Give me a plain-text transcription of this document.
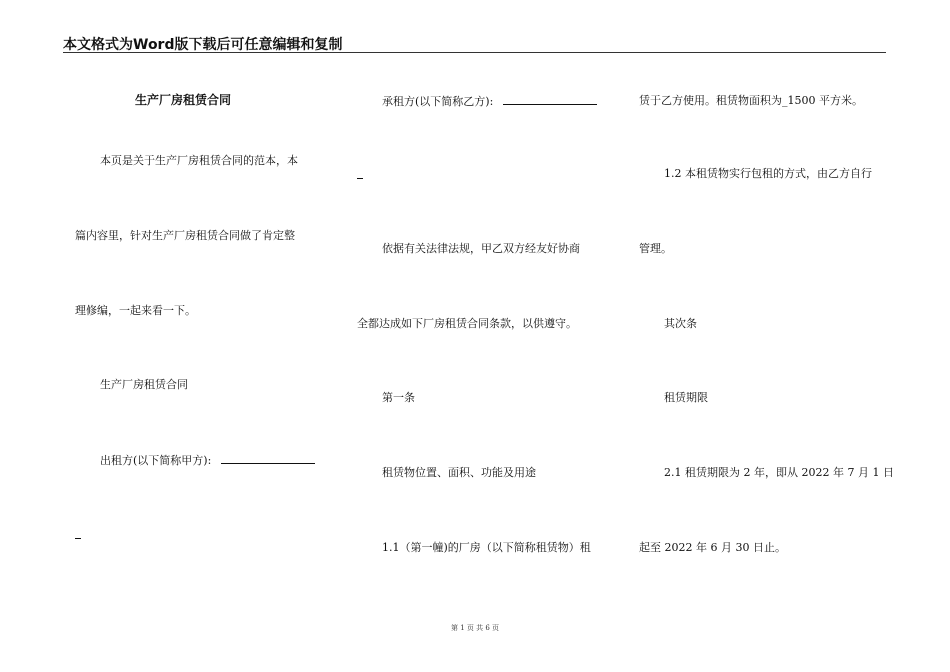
本文格式为Word版下载后可任意编辑和复制
生产厂房租赁合同
本页是关于生产厂房租赁合同的范本，本
篇内容里，针对生产厂房租赁合同做了肯定整
理修编，一起来看一下。
生产厂房租赁合同
出租方(以下简称甲方):
承租方(以下简称乙方):
依据有关法律法规，甲乙双方经友好协商
全都达成如下厂房租赁合同条款，以供遵守。
第一条
租赁物位置、面积、功能及用途
1.1（第一幢)的厂房（以下简称租赁物）租
赁于乙方使用。租赁物面积为_1500 平方米。
1.2 本租赁物实行包租的方式，由乙方自行
管理。
其次条
租赁期限
2.1 租赁期限为 2 年，即从 2022 年 7 月 1 日
起至 2022 年 6 月 30 日止。
第 1 页 共 6 页
